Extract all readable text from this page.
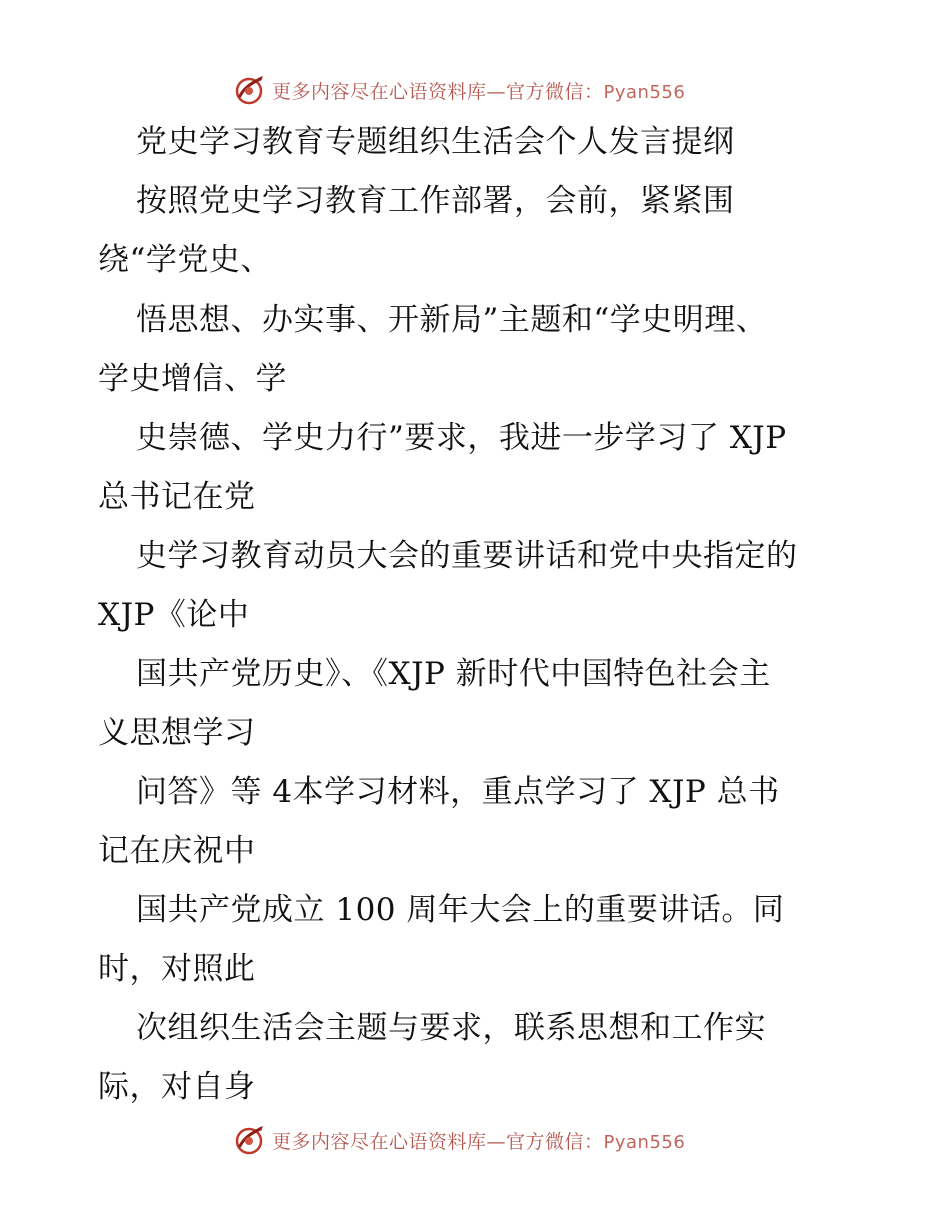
更多内容尽在心语资料库—官方微信：Pyan556
党史学习教育专题组织生活会个人发言提纲
按照党史学习教育工作部署，会前，紧紧围
绕“学党史、
悟思想、办实事、开新局”主题和“学史明理、
学史增信、学
史崇德、学史力行”要求，我进一步学习了 XJP
总书记在党
史学习教育动员大会的重要讲话和党中央指定的
XJP《论中
国共产党历史》、《XJP 新时代中国特色社会主
义思想学习
问答》等 4本学习材料，重点学习了 XJP 总书
记在庆祝中
国共产党成立 100 周年大会上的重要讲话。同
时，对照此
次组织生活会主题与要求，联系思想和工作实
际，对自身
更多内容尽在心语资料库—官方微信：Pyan556
